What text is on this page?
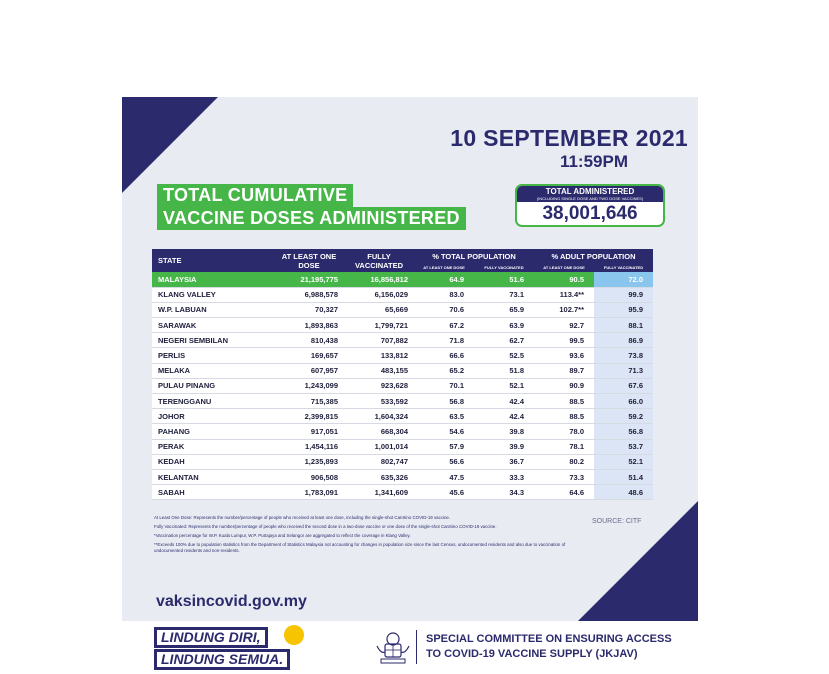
10 SEPTEMBER 2021
11:59PM
TOTAL CUMULATIVE
VACCINE DOSES ADMINISTERED
TOTAL ADMINISTERED
(INCLUDING SINGLE DOSE AND TWO DOSE VACCINES)
38,001,646
STATE	AT LEAST ONE DOSE	FULLY VACCINATED	% TOTAL POPULATION		% ADULT POPULATION	
			AT LEAST ONE DOSE	FULLY VACCINATED	AT LEAST ONE DOSE	FULLY VACCINATED
MALAYSIA	21,195,775	16,856,812	64.9	51.6	90.5	72.0
KLANG VALLEY	6,988,578	6,156,029	83.0	73.1	113.4**	99.9
W.P. LABUAN	70,327	65,669	70.6	65.9	102.7**	95.9
SARAWAK	1,893,863	1,799,721	67.2	63.9	92.7	88.1
NEGERI SEMBILAN	810,438	707,882	71.8	62.7	99.5	86.9
PERLIS	169,657	133,812	66.6	52.5	93.6	73.8
MELAKA	607,957	483,155	65.2	51.8	89.7	71.3
PULAU PINANG	1,243,099	923,628	70.1	52.1	90.9	67.6
TERENGGANU	715,385	533,592	56.8	42.4	88.5	66.0
JOHOR	2,399,815	1,604,324	63.5	42.4	88.5	59.2
PAHANG	917,051	668,304	54.6	39.8	78.0	56.8
PERAK	1,454,116	1,001,014	57.9	39.9	78.1	53.7
KEDAH	1,235,893	802,747	56.6	36.7	80.2	52.1
KELANTAN	906,508	635,326	47.5	33.3	73.3	51.4
SABAH	1,783,091	1,341,609	45.6	34.3	64.6	48.6

At Least One Dose: Represents the number/percentage of people who received at least one dose, including the single-shot CanSino COVID-19 vaccine.

Fully Vaccinated: Represents the number/percentage of people who received the second dose in a two-dose vaccine or one dose of the single-shot CanSino COVID-19 vaccine.

*Vaccination percentage for W.P. Kuala Lumpur, W.P. Putrajaya and Selangor are aggregated to reflect the coverage in Klang Valley.

**Exceeds 100% due to population statistics from the Department of Statistics Malaysia not accounting for changes in population size since the last Census, undocumented residents and also due to vaccination of undocumented residents and non-residents.

SOURCE: CITF
vaksincovid.gov.my
LINDUNG DIRI,
LINDUNG SEMUA.
SPECIAL COMMITTEE ON ENSURING ACCESS
TO COVID-19 VACCINE SUPPLY (JKJAV)
